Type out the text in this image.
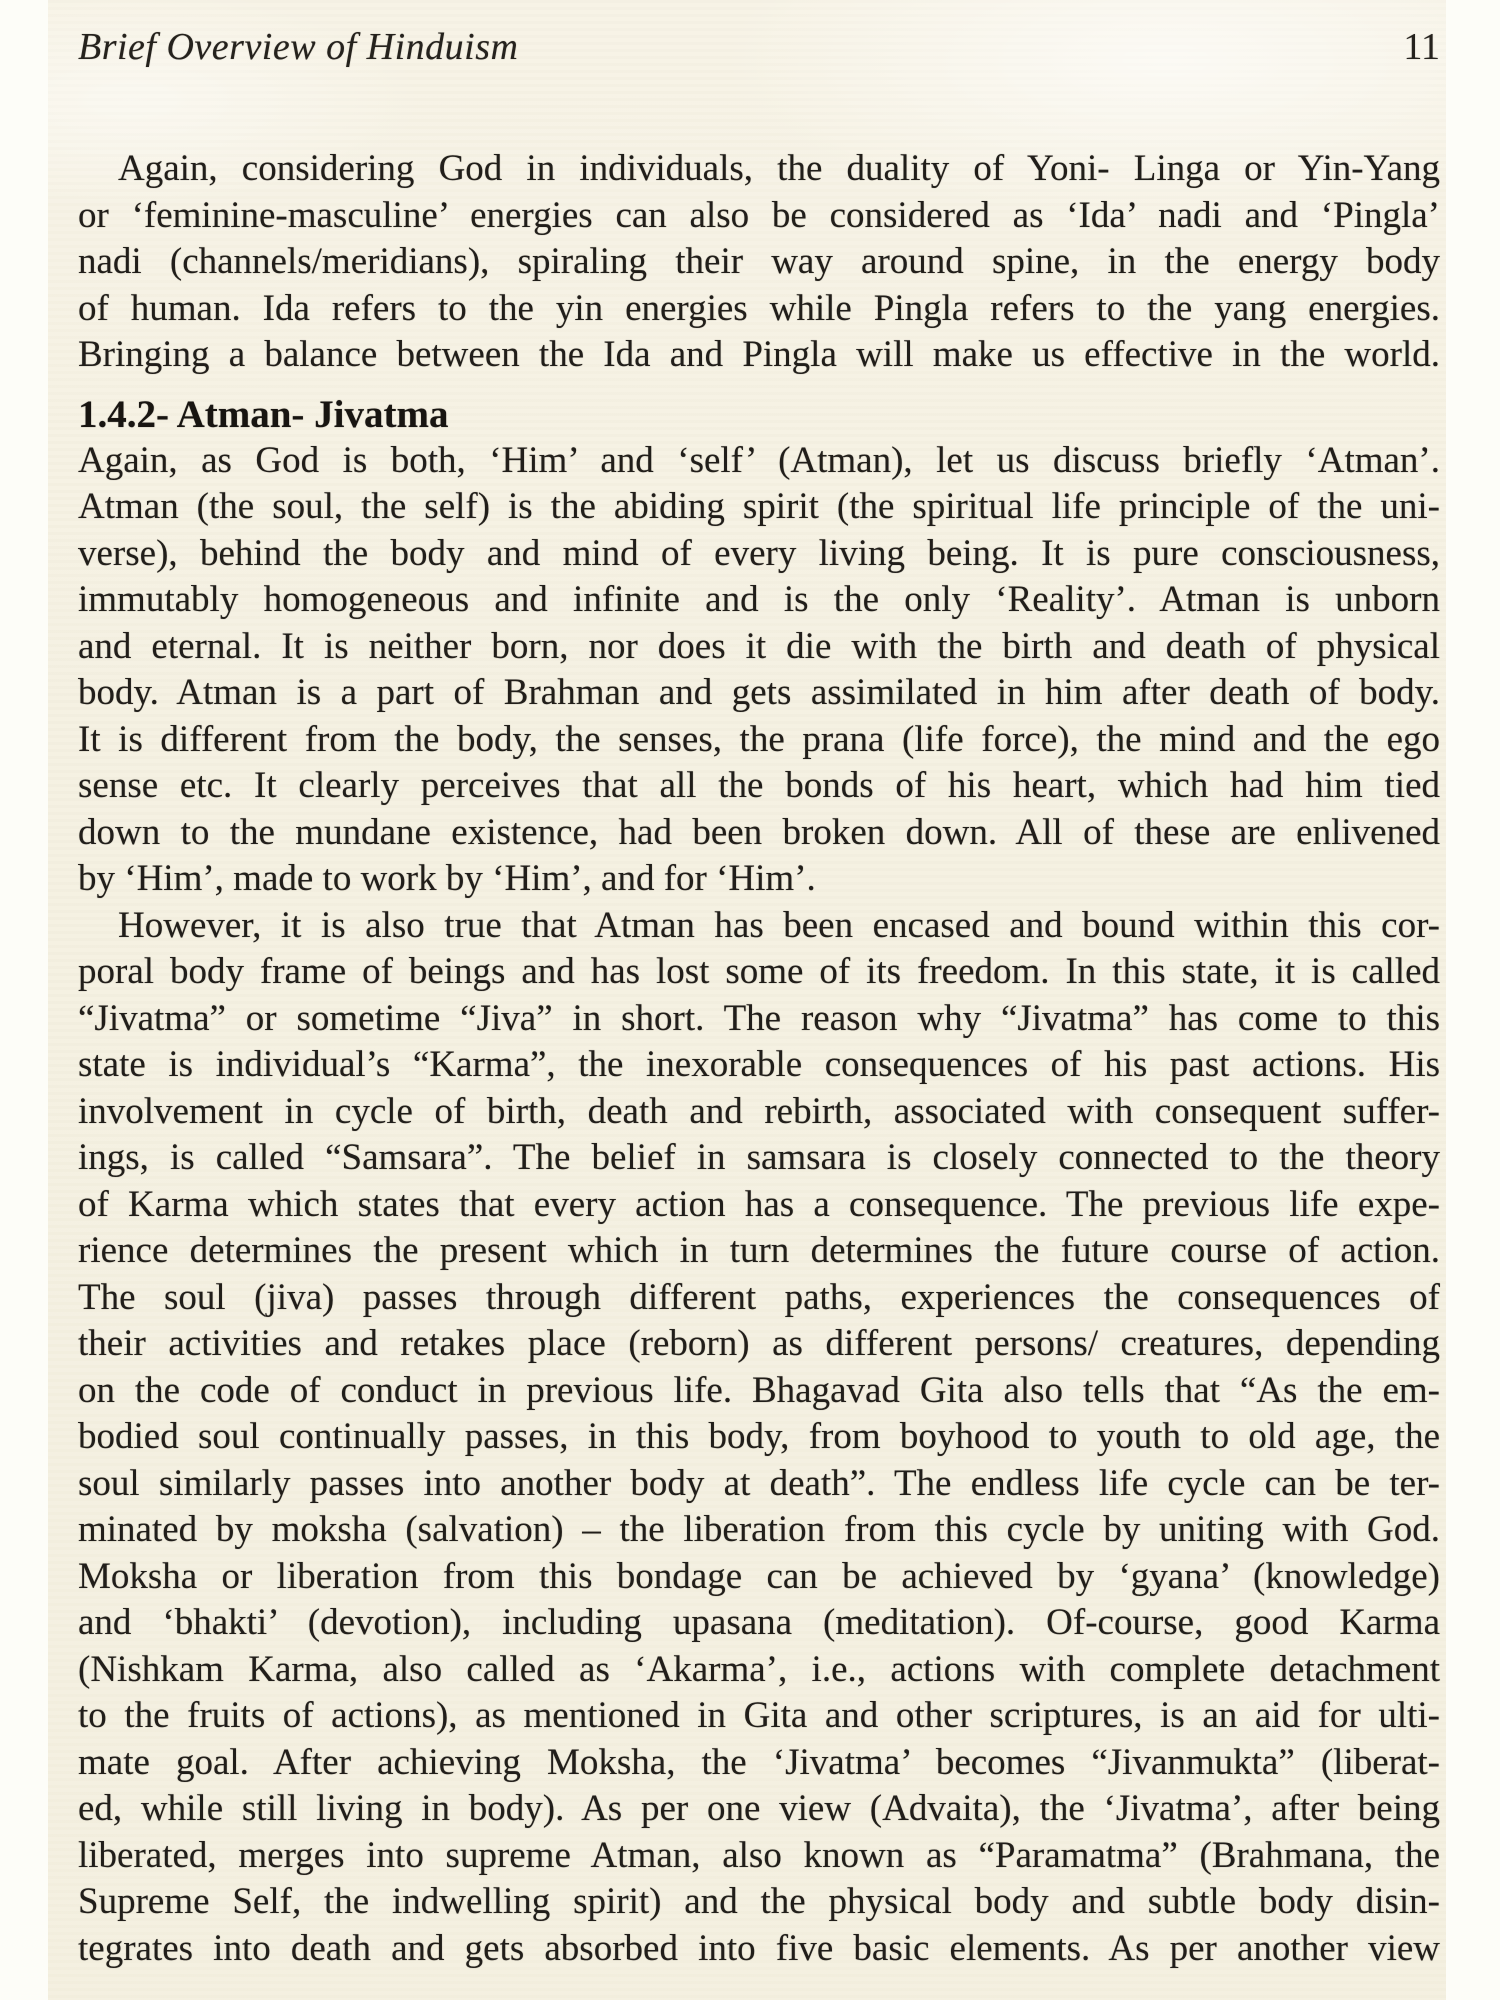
Brief Overview of Hinduism	11
Again, considering God in individuals, the duality of Yoni- Linga or Yin-Yang
or ‘feminine-masculine’ energies can also be considered as ‘Ida’ nadi and ‘Pingla’
nadi (channels/meridians), spiraling their way around spine, in the energy body
of human. Ida refers to the yin energies while Pingla refers to the yang energies.
Bringing a balance between the Ida and Pingla will make us effective in the world.
1.4.2- Atman- Jivatma
Again, as God is both, ‘Him’ and ‘self’ (Atman), let us discuss briefly ‘Atman’.
Atman (the soul, the self) is the abiding spirit (the spiritual life principle of the uni-
verse), behind the body and mind of every living being. It is pure consciousness,
immutably homogeneous and infinite and is the only ‘Reality’. Atman is unborn
and eternal. It is neither born, nor does it die with the birth and death of physical
body. Atman is a part of Brahman and gets assimilated in him after death of body.
It is different from the body, the senses, the prana (life force), the mind and the ego
sense etc. It clearly perceives that all the bonds of his heart, which had him tied
down to the mundane existence, had been broken down. All of these are enlivened
by ‘Him’, made to work by ‘Him’, and for ‘Him’.
However, it is also true that Atman has been encased and bound within this cor-
poral body frame of beings and has lost some of its freedom. In this state, it is called
“Jivatma” or sometime “Jiva” in short. The reason why “Jivatma” has come to this
state is individual’s “Karma”, the inexorable consequences of his past actions. His
involvement in cycle of birth, death and rebirth, associated with consequent suffer-
ings, is called “Samsara”. The belief in samsara is closely connected to the theory
of Karma which states that every action has a consequence. The previous life expe-
rience determines the present which in turn determines the future course of action.
The soul (jiva) passes through different paths, experiences the consequences of
their activities and retakes place (reborn) as different persons/ creatures, depending
on the code of conduct in previous life. Bhagavad Gita also tells that “As the em-
bodied soul continually passes, in this body, from boyhood to youth to old age, the
soul similarly passes into another body at death”. The endless life cycle can be ter-
minated by moksha (salvation) – the liberation from this cycle by uniting with God.
Moksha or liberation from this bondage can be achieved by ‘gyana’ (knowledge)
and ‘bhakti’ (devotion), including upasana (meditation). Of-course, good Karma
(Nishkam Karma, also called as ‘Akarma’, i.e., actions with complete detachment
to the fruits of actions), as mentioned in Gita and other scriptures, is an aid for ulti-
mate goal. After achieving Moksha, the ‘Jivatma’ becomes “Jivanmukta” (liberat-
ed, while still living in body). As per one view (Advaita), the ‘Jivatma’, after being
liberated, merges into supreme Atman, also known as “Paramatma” (Brahmana, the
Supreme Self, the indwelling spirit) and the physical body and subtle body disin-
tegrates into death and gets absorbed into five basic elements. As per another view
